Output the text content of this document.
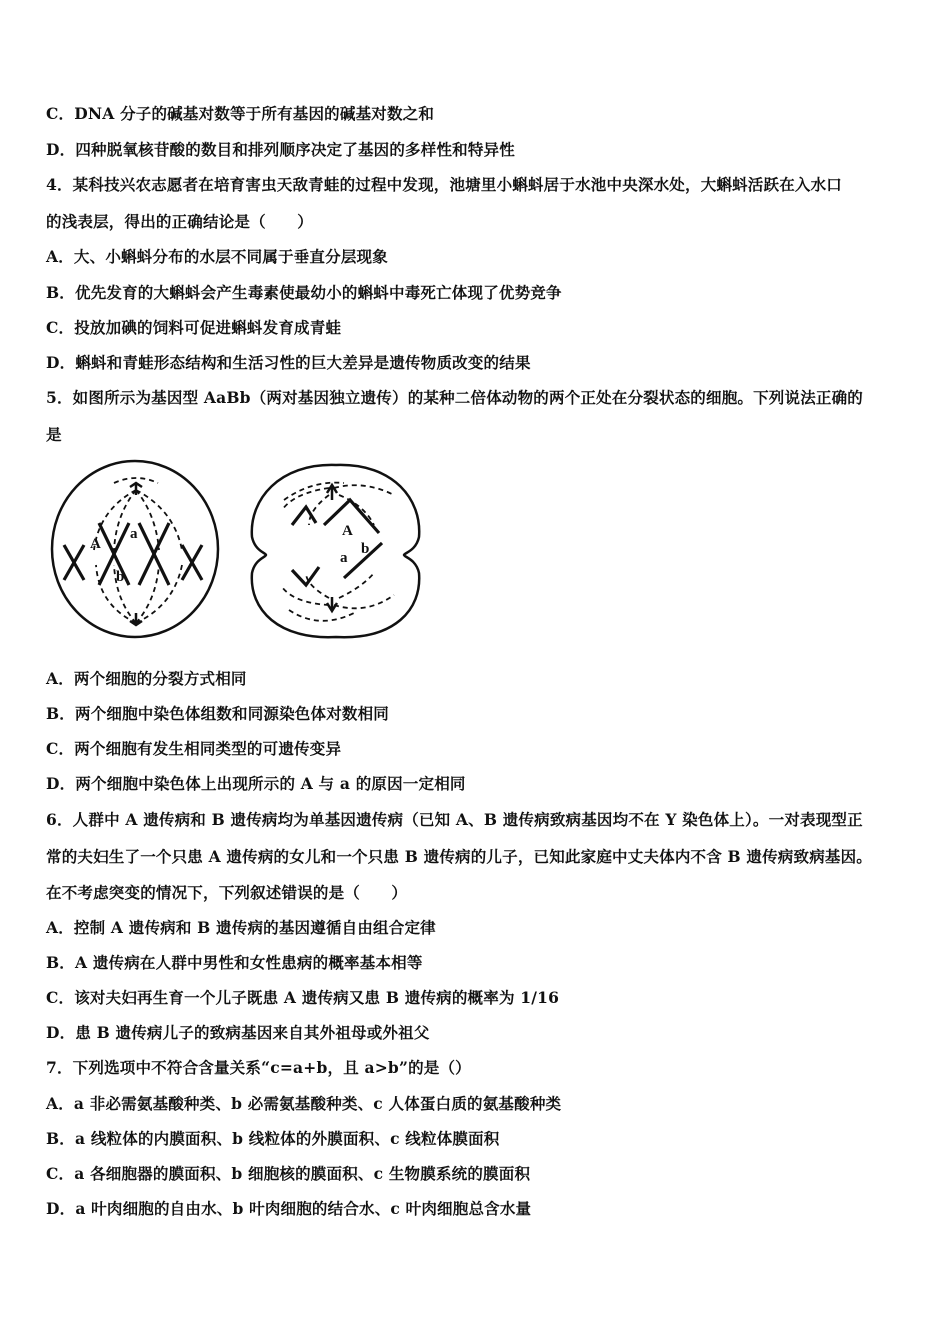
C．DNA 分子的碱基对数等于所有基因的碱基对数之和
D．四种脱氧核苷酸的数目和排列顺序决定了基因的多样性和特异性
4．某科技兴农志愿者在培育害虫天敌青蛙的过程中发现，池塘里小蝌蚪居于水池中央深水处，大蝌蚪活跃在入水口
的浅表层，得出的正确结论是（　　）
A．大、小蝌蚪分布的水层不同属于垂直分层现象
B．优先发育的大蝌蚪会产生毒素使最幼小的蝌蚪中毒死亡体现了优势竞争
C．投放加碘的饲料可促进蝌蚪发育成青蛙
D．蝌蚪和青蛙形态结构和生活习性的巨大差异是遗传物质改变的结果
5．如图所示为基因型 AaBb（两对基因独立遗传）的某种二倍体动物的两个正处在分裂状态的细胞。下列说法正确的
是
A
a
b
A
a
b
A．两个细胞的分裂方式相同
B．两个细胞中染色体组数和同源染色体对数相同
C．两个细胞有发生相同类型的可遗传变异
D．两个细胞中染色体上出现所示的 A 与 a 的原因一定相同
6．人群中 A 遗传病和 B 遗传病均为单基因遗传病（已知 A、B 遗传病致病基因均不在 Y 染色体上）。一对表现型正
常的夫妇生了一个只患 A 遗传病的女儿和一个只患 B 遗传病的儿子，已知此家庭中丈夫体内不含 B 遗传病致病基因。
在不考虑突变的情况下，下列叙述错误的是（　　）
A．控制 A 遗传病和 B 遗传病的基因遵循自由组合定律
B．A 遗传病在人群中男性和女性患病的概率基本相等
C．该对夫妇再生育一个儿子既患 A 遗传病又患 B 遗传病的概率为 1/16
D．患 B 遗传病儿子的致病基因来自其外祖母或外祖父
7．下列选项中不符合含量关系“c=a+b，且 a>b”的是（）
A．a 非必需氨基酸种类、b 必需氨基酸种类、c 人体蛋白质的氨基酸种类
B．a 线粒体的内膜面积、b 线粒体的外膜面积、c 线粒体膜面积
C．a 各细胞器的膜面积、b 细胞核的膜面积、c 生物膜系统的膜面积
D．a 叶肉细胞的自由水、b 叶肉细胞的结合水、c 叶肉细胞总含水量
